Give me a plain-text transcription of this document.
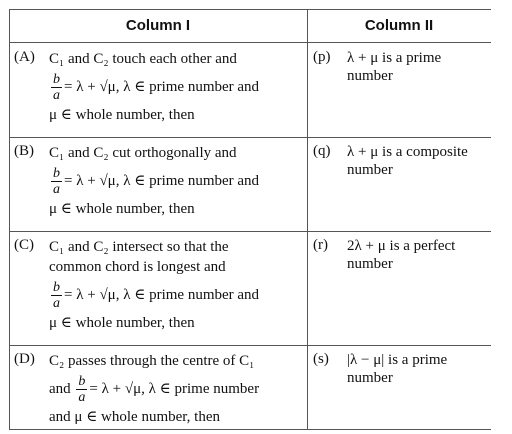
Column I	Column II
(A) C₁ and C₂ touch each other and
$\frac{b}{a} = \lambda + √\mu$, λ ∈ prime number and
μ ∈ whole number, then
(p) λ + μ is a prime number
(B) C₁ and C₂ cut orthogonally and
$\frac{b}{a} = \lambda + √\mu$, λ ∈ prime number and
μ ∈ whole number, then
(q) λ + μ is a composite number
(C) C₁ and C₂ intersect so that the
common chord is longest and
$\frac{b}{a} = \lambda + √\mu$, λ ∈ prime number and
μ ∈ whole number, then
(r) 2λ + μ is a perfect number
(D) C₂ passes through the centre of C₁
and $\frac{b}{a} = \lambda + √\mu$, λ ∈ prime number
and μ ∈ whole number, then
(s) |λ − μ| is a prime number
